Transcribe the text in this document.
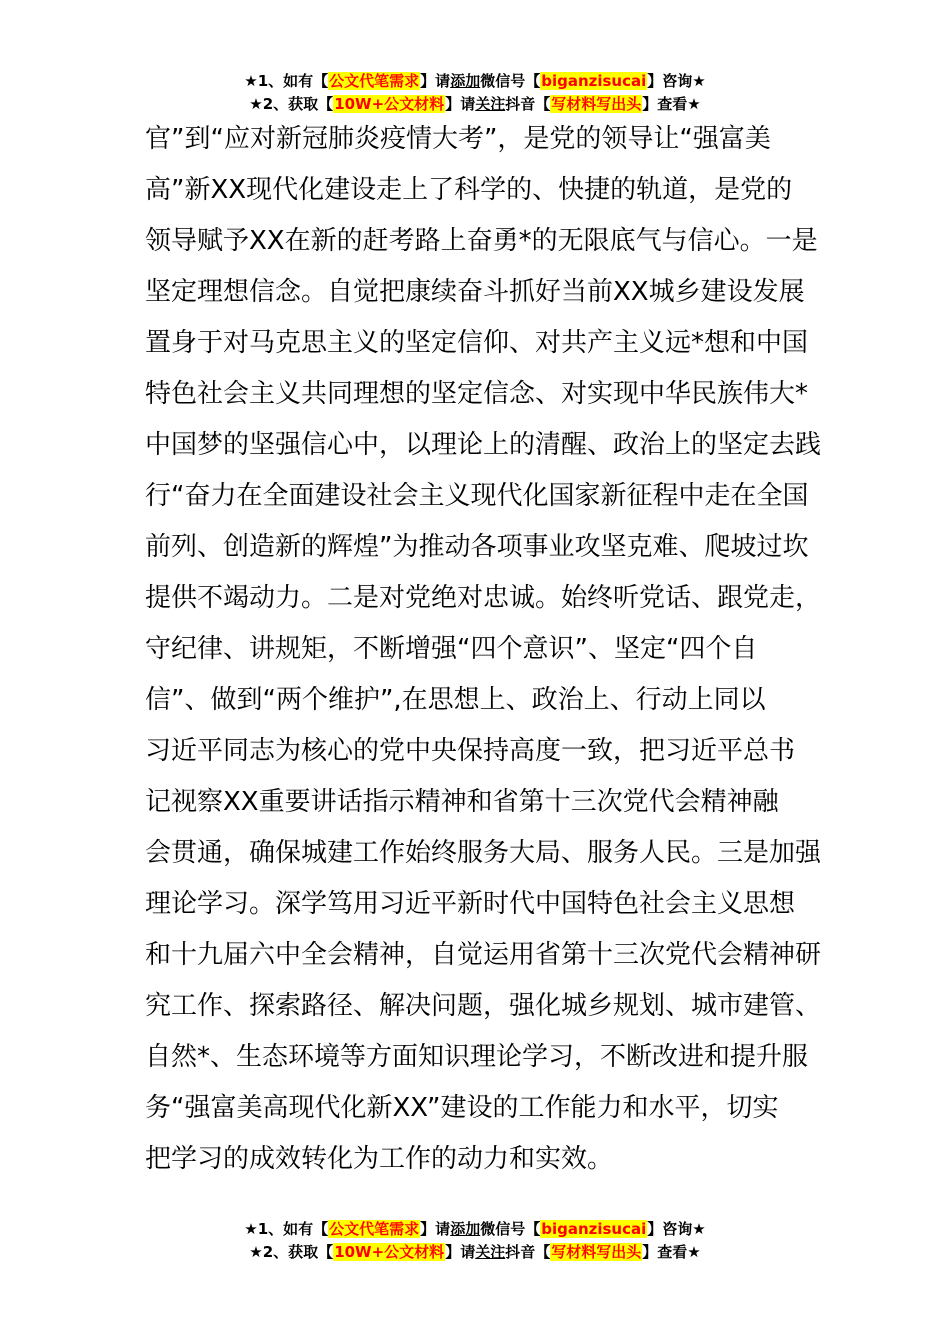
★1、如有【公文代笔需求】请添加微信号【biganzisucai】咨询★
★2、获取【10W+公文材料】请关注抖音【写材料写出头】查看★
官”到“应对新冠肺炎疫情大考”，是党的领导让“强富美
高”新XX现代化建设走上了科学的、快捷的轨道，是党的
领导赋予XX在新的赶考路上奋勇*的无限底气与信心。一是
坚定理想信念。自觉把康续奋斗抓好当前XX城乡建设发展
置身于对马克思主义的坚定信仰、对共产主义远*想和中国
特色社会主义共同理想的坚定信念、对实现中华民族伟大*
中国梦的坚强信心中，以理论上的清醒、政治上的坚定去践
行“奋力在全面建设社会主义现代化国家新征程中走在全国
前列、创造新的辉煌”为推动各项事业攻坚克难、爬坡过坎
提供不竭动力。二是对党绝对忠诚。始终听党话、跟党走，
守纪律、讲规矩，不断增强“四个意识”、坚定“四个自
信”、做到“两个维护”,在思想上、政治上、行动上同以
习近平同志为核心的党中央保持高度一致，把习近平总书
记视察XX重要讲话指示精神和省第十三次党代会精神融
会贯通，确保城建工作始终服务大局、服务人民。三是加强
理论学习。深学笃用习近平新时代中国特色社会主义思想
和十九届六中全会精神，自觉运用省第十三次党代会精神研
究工作、探索路径、解决问题，强化城乡规划、城市建管、
自然*、生态环境等方面知识理论学习，不断改进和提升服
务“强富美高现代化新XX”建设的工作能力和水平，切实
把学习的成效转化为工作的动力和实效。
★1、如有【公文代笔需求】请添加微信号【biganzisucai】咨询★
★2、获取【10W+公文材料】请关注抖音【写材料写出头】查看★
